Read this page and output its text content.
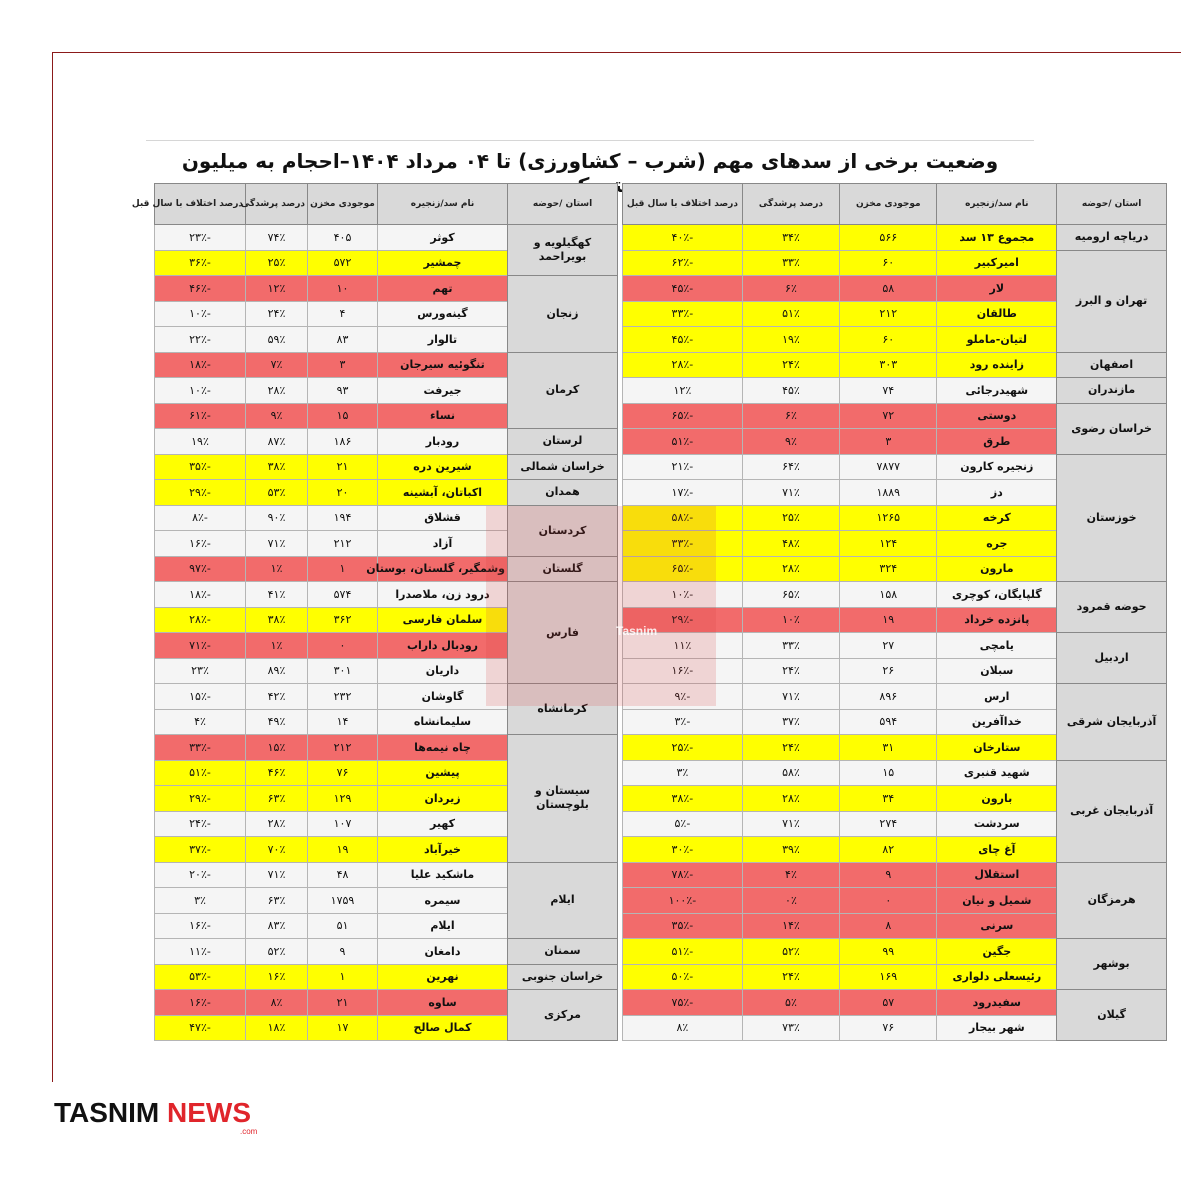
وضعیت برخی از سدهای مهم (شرب – کشاورزی) تا ۰۴ مرداد ۱۴۰۴–احجام به میلیون
استان /حوضه	نام سد/زنجیره	موجودی مخزن	درصد پرشدگی	درصد اختلاف با سال قبل
دریاچه ارومیه	مجموع ۱۳ سد	۵۶۶	۳۴٪	-۴۰٪
تهران و البرز	امیرکبیر	۶۰	۳۳٪	-۶۲٪
	لار	۵۸	۶٪	-۴۵٪
	طالقان	۲۱۲	۵۱٪	-۳۳٪
	لتیان-ماملو	۶۰	۱۹٪	-۴۵٪
اصفهان	زاینده رود	۳۰۳	۲۴٪	-۲۸٪
مازندران	شهیدرجائی	۷۴	۴۵٪	۱۲٪
خراسان رضوی	دوستی	۷۲	۶٪	-۶۵٪
	طرق	۳	۹٪	-۵۱٪
خوزستان	زنجیره کارون	۷۸۷۷	۶۴٪	-۲۱٪
	دز	۱۸۸۹	۷۱٪	-۱۷٪
	کرخه	۱۲۶۵	۲۵٪	-۵۸٪
	جره	۱۲۴	۴۸٪	-۳۳٪
	مارون	۳۲۴	۲۸٪	-۶۵٪
حوضه قمرود	گلپایگان، کوچری	۱۵۸	۶۵٪	-۱۰٪
	پانزده خرداد	۱۹	۱۰٪	-۲۹٪
اردبیل	یامچی	۲۷	۳۳٪	۱۱٪
	سبلان	۲۶	۲۴٪	-۱۶٪
آذربایجان شرقی	ارس	۸۹۶	۷۱٪	-۹٪
	خداآفرین	۵۹۴	۳۷٪	-۳٪
	ستارخان	۳۱	۲۴٪	-۲۵٪
آذربایجان غربی	شهید قنبری	۱۵	۵۸٪	۳٪
	بارون	۳۴	۲۸٪	-۳۸٪
	سردشت	۲۷۴	۷۱٪	-۵٪
	آغ چای	۸۲	۳۹٪	-۳۰٪
هرمزگان	استقلال	۹	۴٪	-۷۸٪
	شمیل و نیان	۰	۰٪	-۱۰۰٪
	سرنی	۸	۱۴٪	-۳۵٪
بوشهر	جگین	۹۹	۵۲٪	-۵۱٪
	رئیسعلی دلواری	۱۶۹	۲۴٪	-۵۰٪
گیلان	سفیدرود	۵۷	۵٪	-۷۵٪
	شهر بیجار	۷۶	۷۳٪	۸٪
استان /حوضه	نام سد/زنجیره	موجودی مخزن	درصد پرشدگی	درصد اختلاف با سال قبل
کهگیلویه و بویراحمد	کوثر	۴۰۵	۷۴٪	-۲۳٪
	چمشیر	۵۷۲	۲۵٪	-۳۶٪
زنجان	تهم	۱۰	۱۲٪	-۴۶٪
	گینه‌ورس	۴	۲۴٪	-۱۰٪
	تالوار	۸۳	۵۹٪	-۲۲٪
کرمان	تنگوئیه سیرجان	۳	۷٪	-۱۸٪
	جیرفت	۹۳	۲۸٪	-۱۰٪
	نساء	۱۵	۹٪	-۶۱٪
لرستان	رودبار	۱۸۶	۸۷٪	۱۹٪
خراسان شمالی	شیرین دره	۲۱	۳۸٪	-۳۵٪
همدان	اکباتان، آبشینه	۲۰	۵۳٪	-۲۹٪
کردستان	قشلاق	۱۹۴	۹۰٪	-۸٪
	آزاد	۲۱۲	۷۱٪	-۱۶٪
گلستان	وشمگیر، گلستان، بوستان	۱	۱٪	-۹۷٪
فارس	درود زن، ملاصدرا	۵۷۴	۴۱٪	-۱۸٪
	سلمان فارسی	۳۶۲	۳۸٪	-۲۸٪
	رودبال داراب	۰	۱٪	-۷۱٪
	داریان	۳۰۱	۸۹٪	۲۳٪
کرمانشاه	گاوشان	۲۳۲	۴۲٪	-۱۵٪
	سلیمانشاه	۱۴	۴۹٪	۴٪
سیستان و بلوچستان	چاه نیمه‌ها	۲۱۲	۱۵٪	-۳۳٪
	پیشین	۷۶	۴۶٪	-۵۱٪
	زیردان	۱۲۹	۶۳٪	-۲۹٪
	کهیر	۱۰۷	۲۸٪	-۲۴٪
	خیرآباد	۱۹	۷۰٪	-۳۷٪
ایلام	ماشکید علیا	۴۸	۷۱٪	-۲۰٪
	سیمره	۱۷۵۹	۶۳٪	۳٪
	ایلام	۵۱	۸۳٪	-۱۶٪
سمنان	دامغان	۹	۵۲٪	-۱۱٪
خراسان جنوبی	نهرین	۱	۱۶٪	-۵۳٪
مرکزی	ساوه	۲۱	۸٪	-۱۶٪
	کمال صالح	۱۷	۱۸٪	-۴۷٪
Tasnim
TASNIM NEWS
.com
